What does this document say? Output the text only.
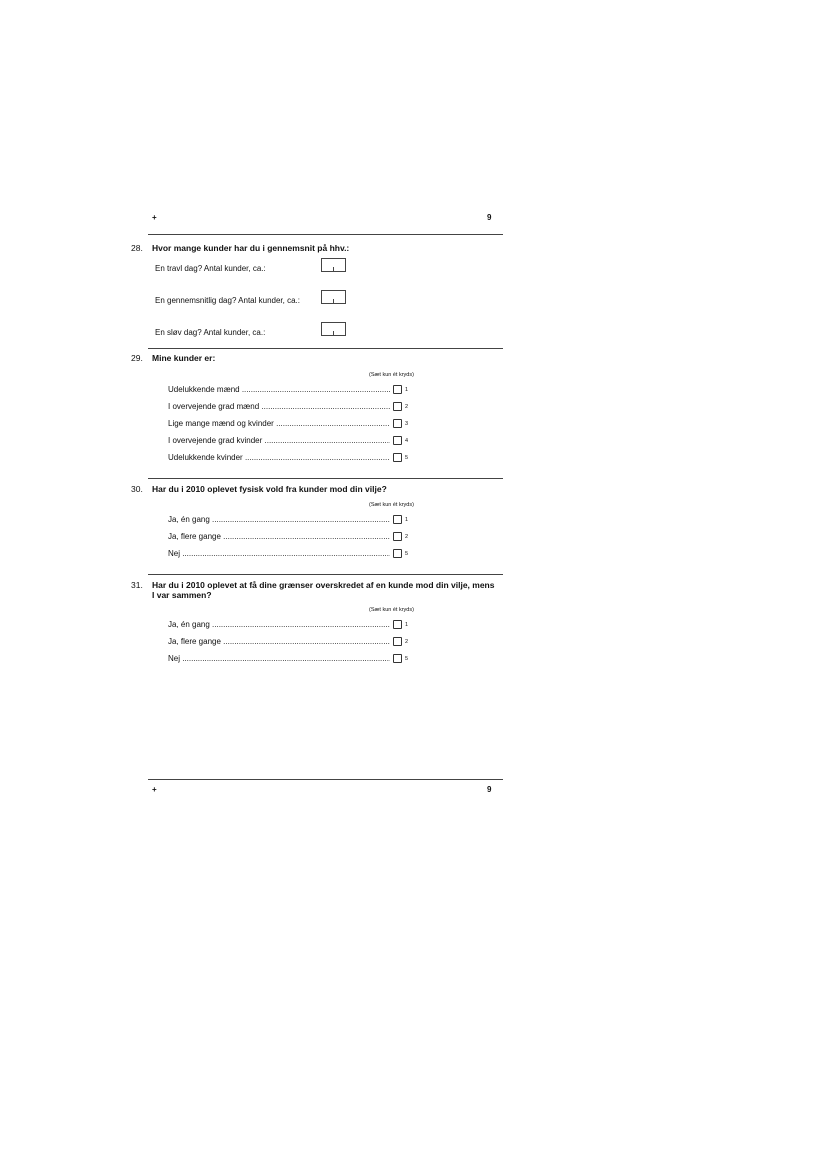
+	9
28. Hvor mange kunder har du i gennemsnit på hhv.:
En travl dag? Antal kunder, ca.:
En gennemsnitlig dag? Antal kunder, ca.:
En sløv dag? Antal kunder, ca.:
29. Mine kunder er:
(Sæt kun ét kryds)
Udelukkende mænd .....	1
I overvejende grad mænd .....	2
Lige mange mænd og kvinder .....	3
I overvejende grad kvinder .....	4
Udelukkende kvinder .....	5
30. Har du i 2010 oplevet fysisk vold fra kunder mod din vilje?
(Sæt kun ét kryds)
Ja, én gang .....	1
Ja, flere gange .....	2
Nej .....	5
31. Har du i 2010 oplevet at få dine grænser overskredet af en kunde mod din vilje, mens
I var sammen?
(Sæt kun ét kryds)
Ja, én gang .....	1
Ja, flere gange .....	2
Nej .....	5
+	9
